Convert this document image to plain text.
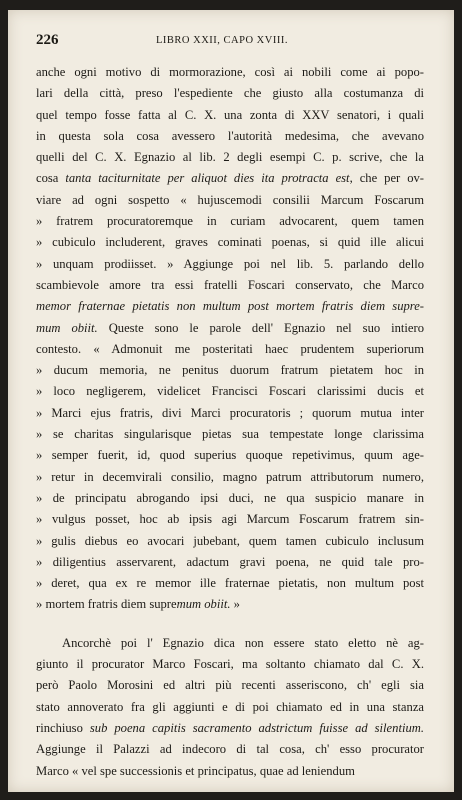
226	LIBRO XXII, CAPO XVIII.
anche ogni motivo di mormorazione, così ai nobili come ai popo-
lari della città, preso l'espediente che giusto alla costumanza di
quel tempo fosse fatta al C. X. una zonta di XXV senatori, i quali
in questa sola cosa avessero l'autorità medesima, che avevano
quelli del C. X. Egnazio al lib. 2 degli esempi C. p. scrive, che la
cosa tanta taciturnitate per aliquot dies ita protracta est, che per ov-
viare ad ogni sospetto « hujuscemodi consilii Marcum Foscarum
» fratrem procuratoremque in curiam advocarent, quem tamen
» cubiculo includerent, graves cominati poenas, si quid ille alicui
» unquam prodiisset. » Aggiunge poi nel lib. 5. parlando dello
scambievole amore tra essi fratelli Foscari conservato, che Marco
memor fraternae pietatis non multum post mortem fratris diem supre-
mum obiit. Queste sono le parole dell' Egnazio nel suo intiero
contesto. « Admonuit me posteritati haec prudentem superiorum
» ducum memoria, ne penitus duorum fratrum pietatem hoc in
» loco negligerem, videlicet Francisci Foscari clarissimi ducis et
» Marci ejus fratris, divi Marci procuratoris ; quorum mutua inter
» se charitas singularisque pietas sua tempestate longe clarissima
» semper fuerit, id, quod superius quoque repetivimus, quum age-
» retur in decemvirali consilio, magno patrum attributorum numero,
» de principatu abrogando ipsi duci, ne qua suspicio manare in
» vulgus posset, hoc ab ipsis agi Marcum Foscarum fratrem sin-
» gulis diebus eo avocari jubebant, quem tamen cubiculo inclusum
» diligentius asservarent, adactum gravi poena, ne quid tale pro-
» deret, qua ex re memor ille fraternae pietatis, non multum post
» mortem fratris diem supremum obiit. »
Ancorchè poi l' Egnazio dica non essere stato eletto nè ag-
giunto il procurator Marco Foscari, ma soltanto chiamato dal C. X.
però Paolo Morosini ed altri più recenti asseriscono, ch' egli sia
stato annoverato fra gli aggiunti e di poi chiamato ed in una stanza
rinchiuso sub poena capitis sacramento adstrictum fuisse ad silentium.
Aggiunge il Palazzi ad indecoro di tal cosa, ch' esso procurator
Marco « vel spe successionis et principatus, quae ad leniendum
